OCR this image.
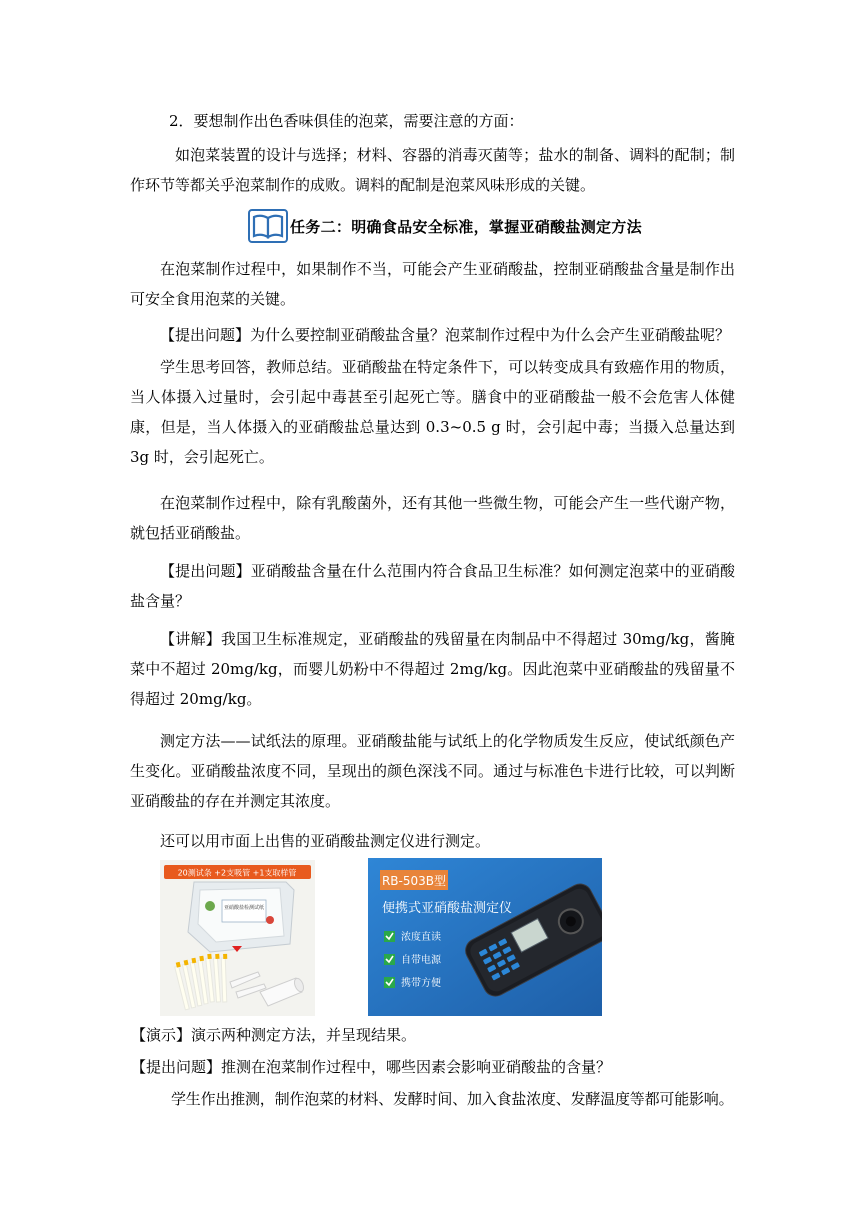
2．要想制作出色香味俱佳的泡菜，需要注意的方面：
如泡菜装置的设计与选择；材料、容器的消毒灭菌等；盐水的制备、调料的配制；制作环节等都关乎泡菜制作的成败。调料的配制是泡菜风味形成的关键。
任务二：明确食品安全标准，掌握亚硝酸盐测定方法
在泡菜制作过程中，如果制作不当，可能会产生亚硝酸盐，控制亚硝酸盐含量是制作出可安全食用泡菜的关键。
【提出问题】为什么要控制亚硝酸盐含量？泡菜制作过程中为什么会产生亚硝酸盐呢？
学生思考回答，教师总结。亚硝酸盐在特定条件下，可以转变成具有致癌作用的物质，当人体摄入过量时，会引起中毒甚至引起死亡等。膳食中的亚硝酸盐一般不会危害人体健康，但是，当人体摄入的亚硝酸盐总量达到 0.3~0.5 g 时，会引起中毒；当摄入总量达到 3g 时，会引起死亡。
在泡菜制作过程中，除有乳酸菌外，还有其他一些微生物，可能会产生一些代谢产物，就包括亚硝酸盐。
【提出问题】亚硝酸盐含量在什么范围内符合食品卫生标准？如何测定泡菜中的亚硝酸盐含量？
【讲解】我国卫生标准规定，亚硝酸盐的残留量在肉制品中不得超过 30mg/kg，酱腌菜中不超过 20mg/kg，而婴儿奶粉中不得超过 2mg/kg。因此泡菜中亚硝酸盐的残留量不得超过 20mg/kg。
测定方法——试纸法的原理。亚硝酸盐能与试纸上的化学物质发生反应，使试纸颜色产生变化。亚硝酸盐浓度不同，呈现出的颜色深浅不同。通过与标准色卡进行比较，可以判断亚硝酸盐的存在并测定其浓度。
还可以用市面上出售的亚硝酸盐测定仪进行测定。
20测试条 +2支吸管 +1支取样管
亚硝酸盐检测试纸
RB-503B型
便携式亚硝酸盐测定仪
浓度直读
自带电源
携带方便
【演示】演示两种测定方法，并呈现结果。
【提出问题】推测在泡菜制作过程中，哪些因素会影响亚硝酸盐的含量？
学生作出推测，制作泡菜的材料、发酵时间、加入食盐浓度、发酵温度等都可能影响。
